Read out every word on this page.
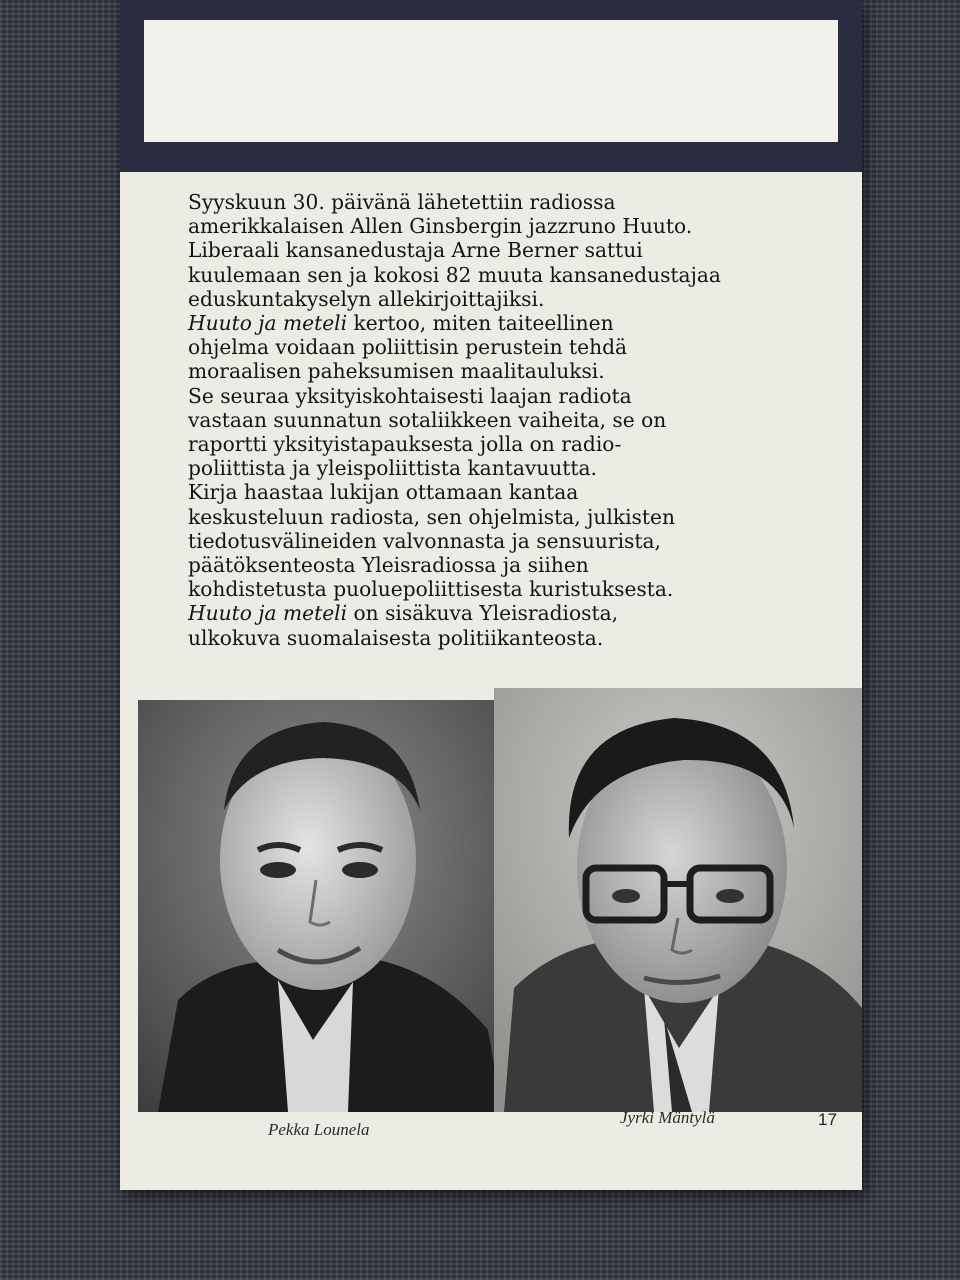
Syyskuun 30. päivänä lähetettiin radiossa

amerikkalaisen Allen Ginsbergin jazzruno Huuto.

Liberaali kansanedustaja Arne Berner sattui

kuulemaan sen ja kokosi 82 muuta kansanedustajaa

eduskuntakyselyn allekirjoittajiksi.

Huuto ja meteli kertoo, miten taiteellinen

ohjelma voidaan poliittisin perustein tehdä

moraalisen paheksumisen maalitauluksi.

Se seuraa yksityiskohtaisesti laajan radiota

vastaan suunnatun sotaliikkeen vaiheita, se on

raportti yksityistapauksesta jolla on radio-

poliittista ja yleispoliittista kantavuutta.

Kirja haastaa lukijan ottamaan kantaa

keskusteluun radiosta, sen ohjelmista, julkisten

tiedotusvälineiden valvonnasta ja sensuurista,

päätöksenteosta Yleisradiossa ja siihen

kohdistetusta puoluepoliittisesta kuristuksesta.

Huuto ja meteli on sisäkuva Yleisradiosta,

ulkokuva suomalaisesta politiikanteosta.

Pekka Lounela
Jyrki Mäntylä	17
